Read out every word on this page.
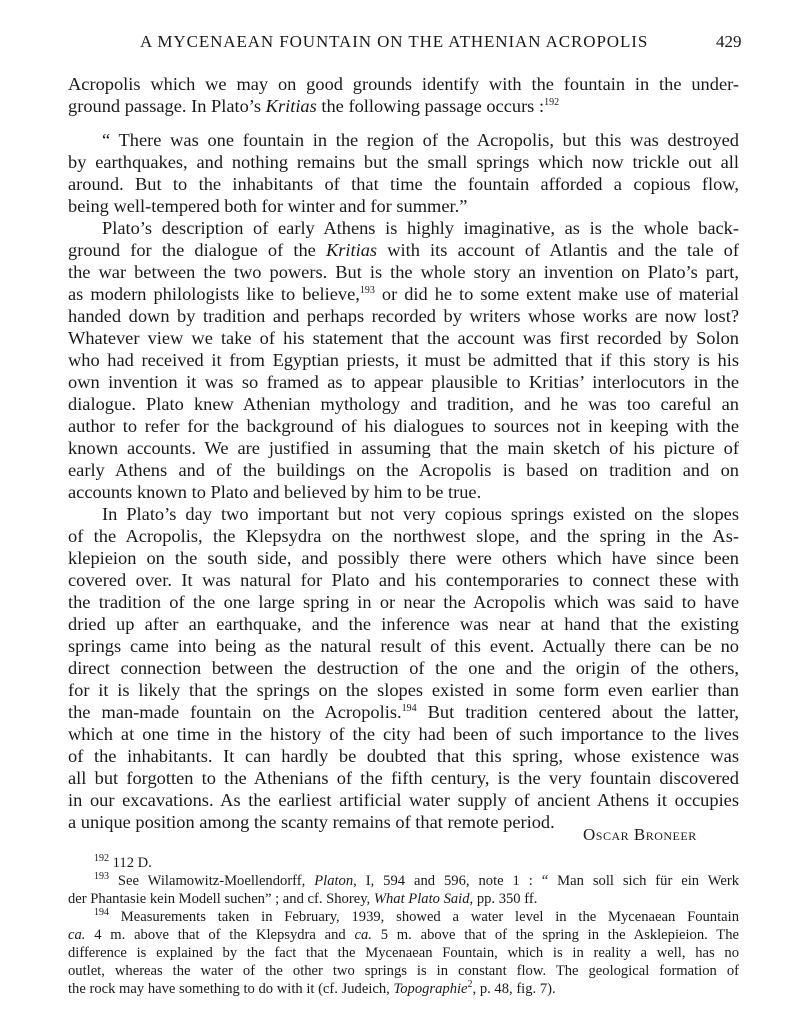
A MYCENAEAN FOUNTAIN ON THE ATHENIAN ACROPOLIS	429
Acropolis which we may on good grounds identify with the fountain in the under-
ground passage. In Plato’s Kritias the following passage occurs :$^{192}$
“ There was one fountain in the region of the Acropolis, but this was destroyed
by earthquakes, and nothing remains but the small springs which now trickle out all
around. But to the inhabitants of that time the fountain afforded a copious flow,
being well-tempered both for winter and for summer.”
Plato’s description of early Athens is highly imaginative, as is the whole back-
ground for the dialogue of the Kritias with its account of Atlantis and the tale of
the war between the two powers. But is the whole story an invention on Plato’s part,
as modern philologists like to believe,$^{193}$ or did he to some extent make use of material
handed down by tradition and perhaps recorded by writers whose works are now lost?
Whatever view we take of his statement that the account was first recorded by Solon
who had received it from Egyptian priests, it must be admitted that if this story is his
own invention it was so framed as to appear plausible to Kritias’ interlocutors in the
dialogue. Plato knew Athenian mythology and tradition, and he was too careful an
author to refer for the background of his dialogues to sources not in keeping with the
known accounts. We are justified in assuming that the main sketch of his picture of
early Athens and of the buildings on the Acropolis is based on tradition and on
accounts known to Plato and believed by him to be true.
In Plato’s day two important but not very copious springs existed on the slopes
of the Acropolis, the Klepsydra on the northwest slope, and the spring in the As-
klepieion on the south side, and possibly there were others which have since been
covered over. It was natural for Plato and his contemporaries to connect these with
the tradition of the one large spring in or near the Acropolis which was said to have
dried up after an earthquake, and the inference was near at hand that the existing
springs came into being as the natural result of this event. Actually there can be no
direct connection between the destruction of the one and the origin of the others,
for it is likely that the springs on the slopes existed in some form even earlier than
the man-made fountain on the Acropolis.$^{194}$ But tradition centered about the latter,
which at one time in the history of the city had been of such importance to the lives
of the inhabitants. It can hardly be doubted that this spring, whose existence was
all but forgotten to the Athenians of the fifth century, is the very fountain discovered
in our excavations. As the earliest artificial water supply of ancient Athens it occupies
a unique position among the scanty remains of that remote period.
Oscar Broneer
$^{192}$ 112 D.
$^{193}$ See Wilamowitz-Moellendorff, Platon, I, 594 and 596, note 1 : “ Man soll sich für ein Werk
der Phantasie kein Modell suchen” ; and cf. Shorey, What Plato Said, pp. 350 ff.
$^{194}$ Measurements taken in February, 1939, showed a water level in the Mycenaean Fountain
ca. 4 m. above that of the Klepsydra and ca. 5 m. above that of the spring in the Asklepieion. The
difference is explained by the fact that the Mycenaean Fountain, which is in reality a well, has no
outlet, whereas the water of the other two springs is in constant flow. The geological formation of
the rock may have something to do with it (cf. Judeich, Topographie$^2$, p. 48, fig. 7).
